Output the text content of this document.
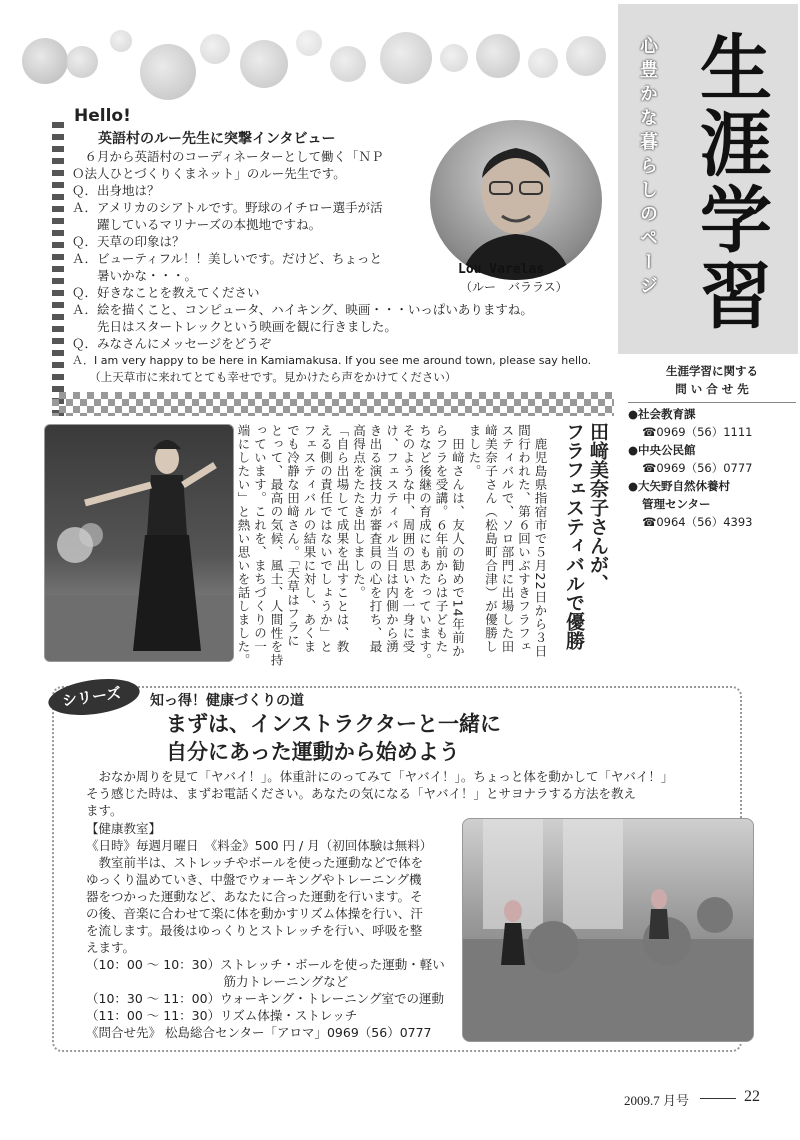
生涯学習
心豊かな暮らしのページ
生涯学習に関する
問 い 合 せ 先
●社会教育課
☎0969（56）1111
●中央公民館
☎0969（56）0777
●大矢野自然休養村
管理センター
☎0964（56）4393
Hello!
英語村のルー先生に突撃インタビュー
　６月から英語村のコーディネーターとして働く「ＮＰ
Ｏ法人ひとづくりくまネット」のルー先生です。
Ｑ．出身地は？
Ａ．アメリカのシアトルです。野球のイチロー選手が活
　　躍しているマリナーズの本拠地ですね。
Ｑ．天草の印象は？
Ａ．ビューティフル！！美しいです。だけど、ちょっと
　　暑いかな・・・。
Ｑ．好きなことを教えてください
Ａ．絵を描くこと、コンピュータ、ハイキング、映画・・・いっぱいありますね。
　　先日はスタートレックという映画を観に行きました。
Ｑ．みなさんにメッセージをどうぞ
Ａ．I am very happy to be here in Kamiamakusa. If you see me around town, please say hello.
　　（上天草市に来れてとても幸せです。見かけたら声をかけてください）
Lou Varelas
（ルー　バララス）
田﨑美奈子さんが、
フラフェスティバルで優勝
　鹿児島県指宿市で５月22日から３日
間行われた、第６回いぶすきフラフェ
スティバルで、ソロ部門に出場した田
﨑美奈子さん（松島町合津）が優勝し
ました。
　田﨑さんは、友人の勧めで14年前か
らフラを受講。６年前からは子どもた
ちなど後継の育成にもあたっています。
そのような中、周囲の思いを一身に受
け、フェスティバル当日は内側から湧
き出る演技力が審査員の心を打ち、最
高得点をたたき出しました。
「自ら出場して成果を出すことは、教
える側の責任ではないでしょうか」と
フェスティバルの結果に対し、あくま
でも冷静な田﨑さん。「天草はフラに
とって、最高の気候、風土、人間性を持
っています。これを、まちづくりの一
端にしたい」と熱い思いを話しました。
シリーズ 知っ得！健康づくりの道
まずは、インストラクターと一緒に
自分にあった運動から始めよう
　おなか周りを見て「ヤバイ！」。体重計にのってみて「ヤバイ！」。ちょっと体を動かして「ヤバイ！」
そう感じた時は、まずお電話ください。あなたの気になる「ヤバイ！」とサヨナラする方法を教え
ます。
【健康教室】
《日時》毎週月曜日　《料金》500 円 / 月（初回体験は無料）
　教室前半は、ストレッチやボールを使った運動などで体を
ゆっくり温めていき、中盤でウォーキングやトレーニング機
器をつかった運動など、あなたに合った運動を行います。そ
の後、音楽に合わせて楽に体を動かすリズム体操を行い、汗
を流します。最後はゆっくりとストレッチを行い、呼吸を整
えます。
（10：00 ～ 10：30）ストレッチ・ボールを使った運動・軽い
　　　　　　　　　　　筋力トレーニングなど
（10：30 ～ 11：00）ウォーキング・トレーニング室での運動
（11：00 ～ 11：30）リズム体操・ストレッチ
《問合せ先》 松島総合センター「アロマ」0969（56）0777
2009.7 月号	22
